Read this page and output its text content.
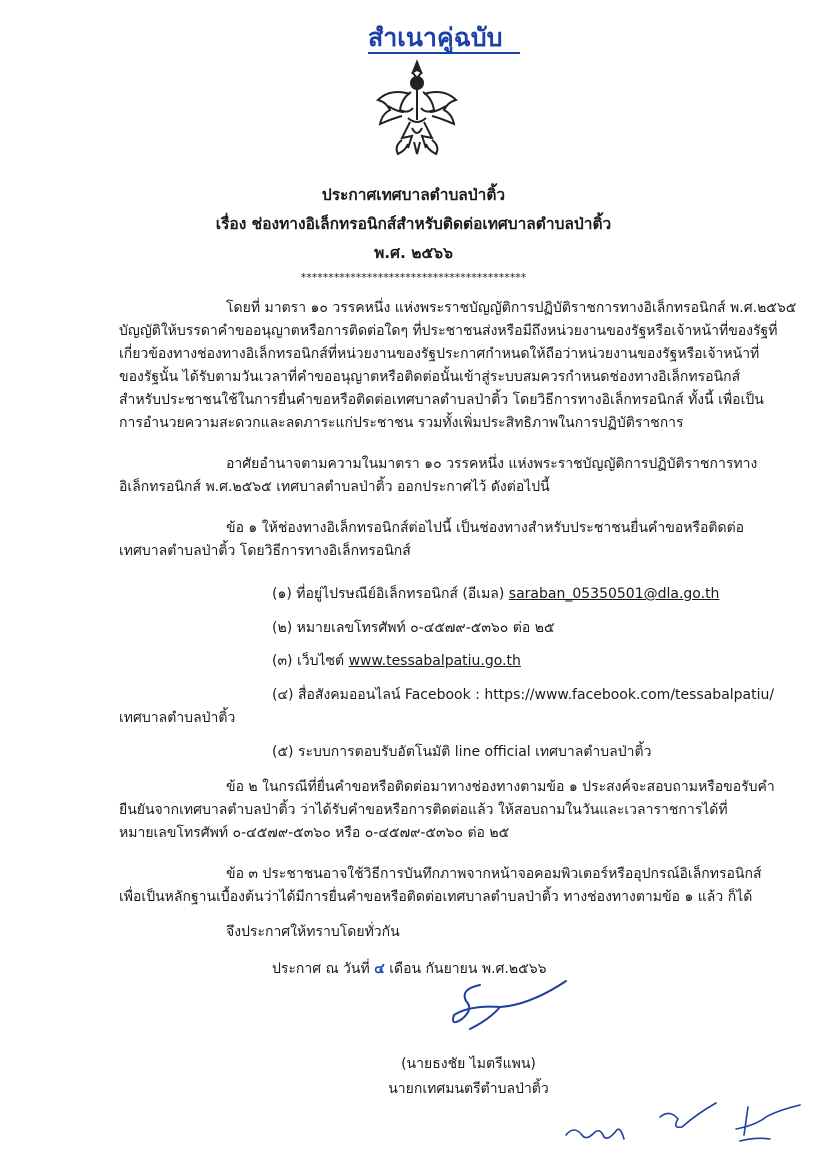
สำเนาคู่ฉบับ
ประกาศเทศบาลตำบลป่าติ้ว
เรื่อง ช่องทางอิเล็กทรอนิกส์สำหรับติดต่อเทศบาลตำบลป่าติ้ว
พ.ศ. ๒๕๖๖
*****************************************
โดยที่ มาตรา ๑๐ วรรคหนึ่ง แห่งพระราชบัญญัติการปฏิบัติราชการทางอิเล็กทรอนิกส์ พ.ศ.๒๕๖๕
บัญญัติให้บรรดาคำขออนุญาตหรือการติดต่อใดๆ ที่ประชาชนส่งหรือมีถึงหน่วยงานของรัฐหรือเจ้าหน้าที่ของรัฐที่
เกี่ยวข้องทางช่องทางอิเล็กทรอนิกส์ที่หน่วยงานของรัฐประกาศกำหนดให้ถือว่าหน่วยงานของรัฐหรือเจ้าหน้าที่
ของรัฐนั้น ได้รับตามวันเวลาที่คำขออนุญาตหรือติดต่อนั้นเข้าสู่ระบบสมควรกำหนดช่องทางอิเล็กทรอนิกส์
สำหรับประชาชนใช้ในการยื่นคำขอหรือติดต่อเทศบาลตำบลป่าติ้ว โดยวิธีการทางอิเล็กทรอนิกส์ ทั้งนี้ เพื่อเป็น
การอำนวยความสะดวกและลดภาระแก่ประชาชน รวมทั้งเพิ่มประสิทธิภาพในการปฏิบัติราชการ
อาศัยอำนาจตามความในมาตรา ๑๐ วรรคหนึ่ง แห่งพระราชบัญญัติการปฏิบัติราชการทาง
อิเล็กทรอนิกส์ พ.ศ.๒๕๖๕ เทศบาลตำบลป่าติ้ว ออกประกาศไว้ ดังต่อไปนี้
ข้อ ๑ ให้ช่องทางอิเล็กทรอนิกส์ต่อไปนี้ เป็นช่องทางสำหรับประชาชนยื่นคำขอหรือติดต่อ
เทศบาลตำบลป่าติ้ว โดยวิธีการทางอิเล็กทรอนิกส์
(๑) ที่อยู่ไปรษณีย์อิเล็กทรอนิกส์ (อีเมล) saraban_05350501@dla.go.th
(๒) หมายเลขโทรศัพท์ ๐-๔๕๗๙-๕๓๖๐ ต่อ ๒๕
(๓) เว็บไซต์ www.tessabalpatiu.go.th
(๔) สื่อสังคมออนไลน์ Facebook : https://www.facebook.com/tessabalpatiu/
เทศบาลตำบลป่าติ้ว
(๕) ระบบการตอบรับอัตโนมัติ line official เทศบาลตำบลป่าติ้ว
ข้อ ๒ ในกรณีที่ยื่นคำขอหรือติดต่อมาทางช่องทางตามข้อ ๑ ประสงค์จะสอบถามหรือขอรับคำ
ยืนยันจากเทศบาลตำบลป่าติ้ว ว่าได้รับคำขอหรือการติดต่อแล้ว ให้สอบถามในวันและเวลาราชการได้ที่
หมายเลขโทรศัพท์ ๐-๔๕๗๙-๕๓๖๐ หรือ ๐-๔๕๗๙-๕๓๖๐ ต่อ ๒๕
ข้อ ๓ ประชาชนอาจใช้วิธีการบันทึกภาพจากหน้าจอคอมพิวเตอร์หรืออุปกรณ์อิเล็กทรอนิกส์
เพื่อเป็นหลักฐานเบื้องต้นว่าได้มีการยื่นคำขอหรือติดต่อเทศบาลตำบลป่าติ้ว ทางช่องทางตามข้อ ๑ แล้ว ก็ได้
จึงประกาศให้ทราบโดยทั่วกัน
ประกาศ ณ วันที่ ๔ เดือน กันยายน พ.ศ.๒๕๖๖
(นายธงชัย ไมตรีแพน)
นายกเทศมนตรีตำบลป่าติ้ว
